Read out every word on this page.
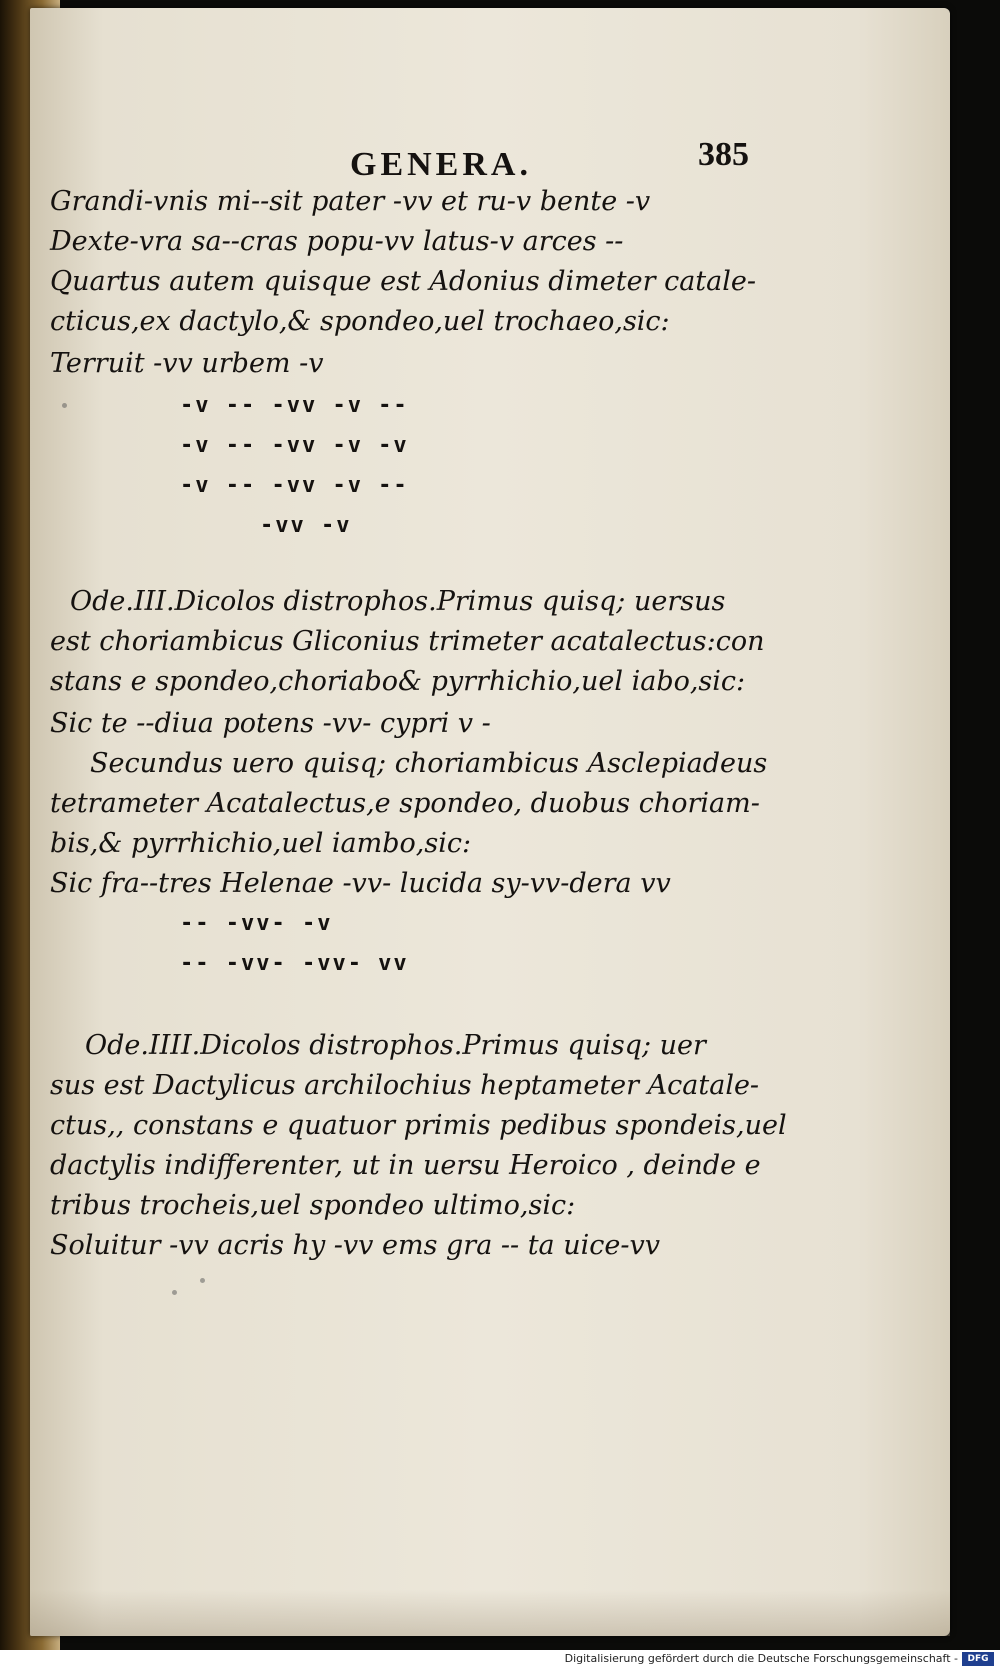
GENERA.	385

Grandi-vnis mi--sit pater -vv et ru-v bente -v

Dexte-vra sa--cras popu-vv latus-v arces --

Quartus autem quisque est Adonius dimeter catale-

cticus,ex dactylo,& spondeo,uel trochaeo,sic:

Terruit -vv urbem -v

-v -- -vv -v --

-v -- -vv -v -v

-v -- -vv -v --

-vv -v

Ode.III.Dicolos distrophos.Primus quisq; uersus

est choriambicus Gliconius trimeter acatalectus:con

stans e spondeo,choriabo& pyrrhichio,uel iabo,sic:

Sic te --diua potens -vv- cypri v -

Secundus uero quisq; choriambicus Asclepiadeus

tetrameter Acatalectus,e spondeo, duobus choriam-

bis,& pyrrhichio,uel iambo,sic:

Sic fra--tres Helenae -vv- lucida sy-vv-dera vv

-- -vv- -v

-- -vv- -vv- vv

Ode.IIII.Dicolos distrophos.Primus quisq; uer

sus est Dactylicus archilochius heptameter Acatale-

ctus,, constans e quatuor primis pedibus spondeis,uel

dactylis indifferenter, ut in uersu Heroico , deinde e

tribus trocheis,uel spondeo ultimo,sic:

Soluitur -vv acris hy -vv ems gra -- ta uice-vv

Digitalisierung gefördert durch die Deutsche Forschungsgemeinschaft -	DFG
